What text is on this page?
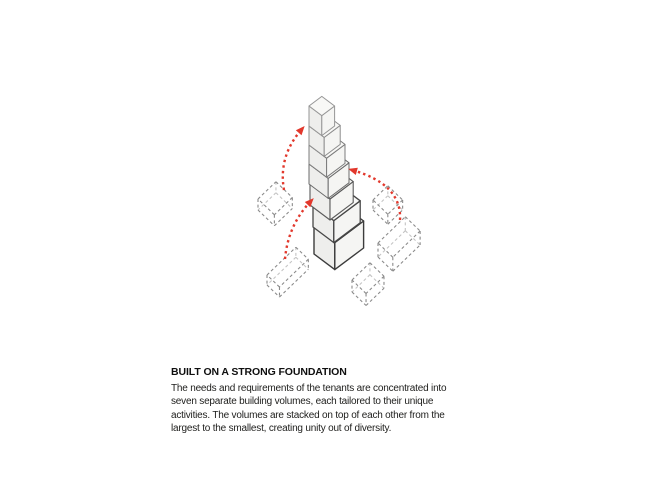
BUILT ON A STRONG FOUNDATION
The needs and requirements of the tenants are concentrated into
seven separate building volumes, each tailored to their unique
activities. The volumes are stacked on top of each other from the
largest to the smallest, creating unity out of diversity.
